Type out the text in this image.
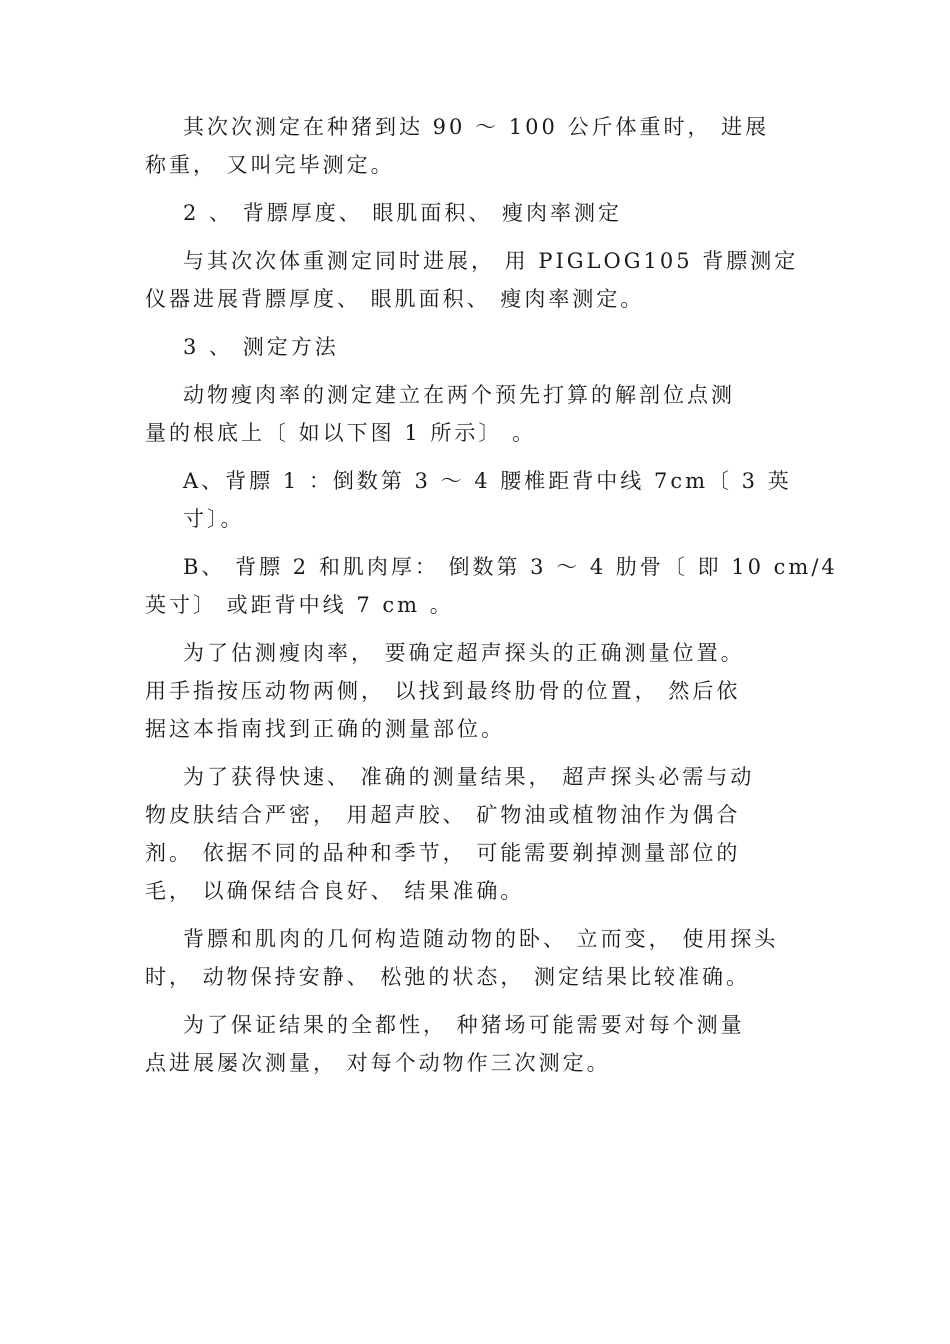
其次次测定在种猪到达 90 ～ 100 公斤体重时， 进展
称重， 又叫完毕测定。

2 、 背膘厚度、 眼肌面积、 瘦肉率测定

与其次次体重测定同时进展， 用 PIGLOG105 背膘测定
仪器进展背膘厚度、 眼肌面积、 瘦肉率测定。

3 、 测定方法

动物瘦肉率的测定建立在两个预先打算的解剖位点测
量的根底上〔 如以下图 1 所示〕 。

A、背膘 1 ：倒数第 3 ～ 4 腰椎距背中线 7cm〔 3 英
寸〕。

B、 背膘 2 和肌肉厚： 倒数第 3 ～ 4 肋骨〔 即 10 cm/4
英寸〕 或距背中线 7 cm 。

为了估测瘦肉率， 要确定超声探头的正确测量位置。
用手指按压动物两侧， 以找到最终肋骨的位置， 然后依
据这本指南找到正确的测量部位。

为了获得快速、 准确的测量结果， 超声探头必需与动
物皮肤结合严密， 用超声胶、 矿物油或植物油作为偶合
剂。 依据不同的品种和季节， 可能需要剃掉测量部位的
毛， 以确保结合良好、 结果准确。

背膘和肌肉的几何构造随动物的卧、 立而变， 使用探头
时， 动物保持安静、 松弛的状态， 测定结果比较准确。

为了保证结果的全都性， 种猪场可能需要对每个测量
点进展屡次测量， 对每个动物作三次测定。
